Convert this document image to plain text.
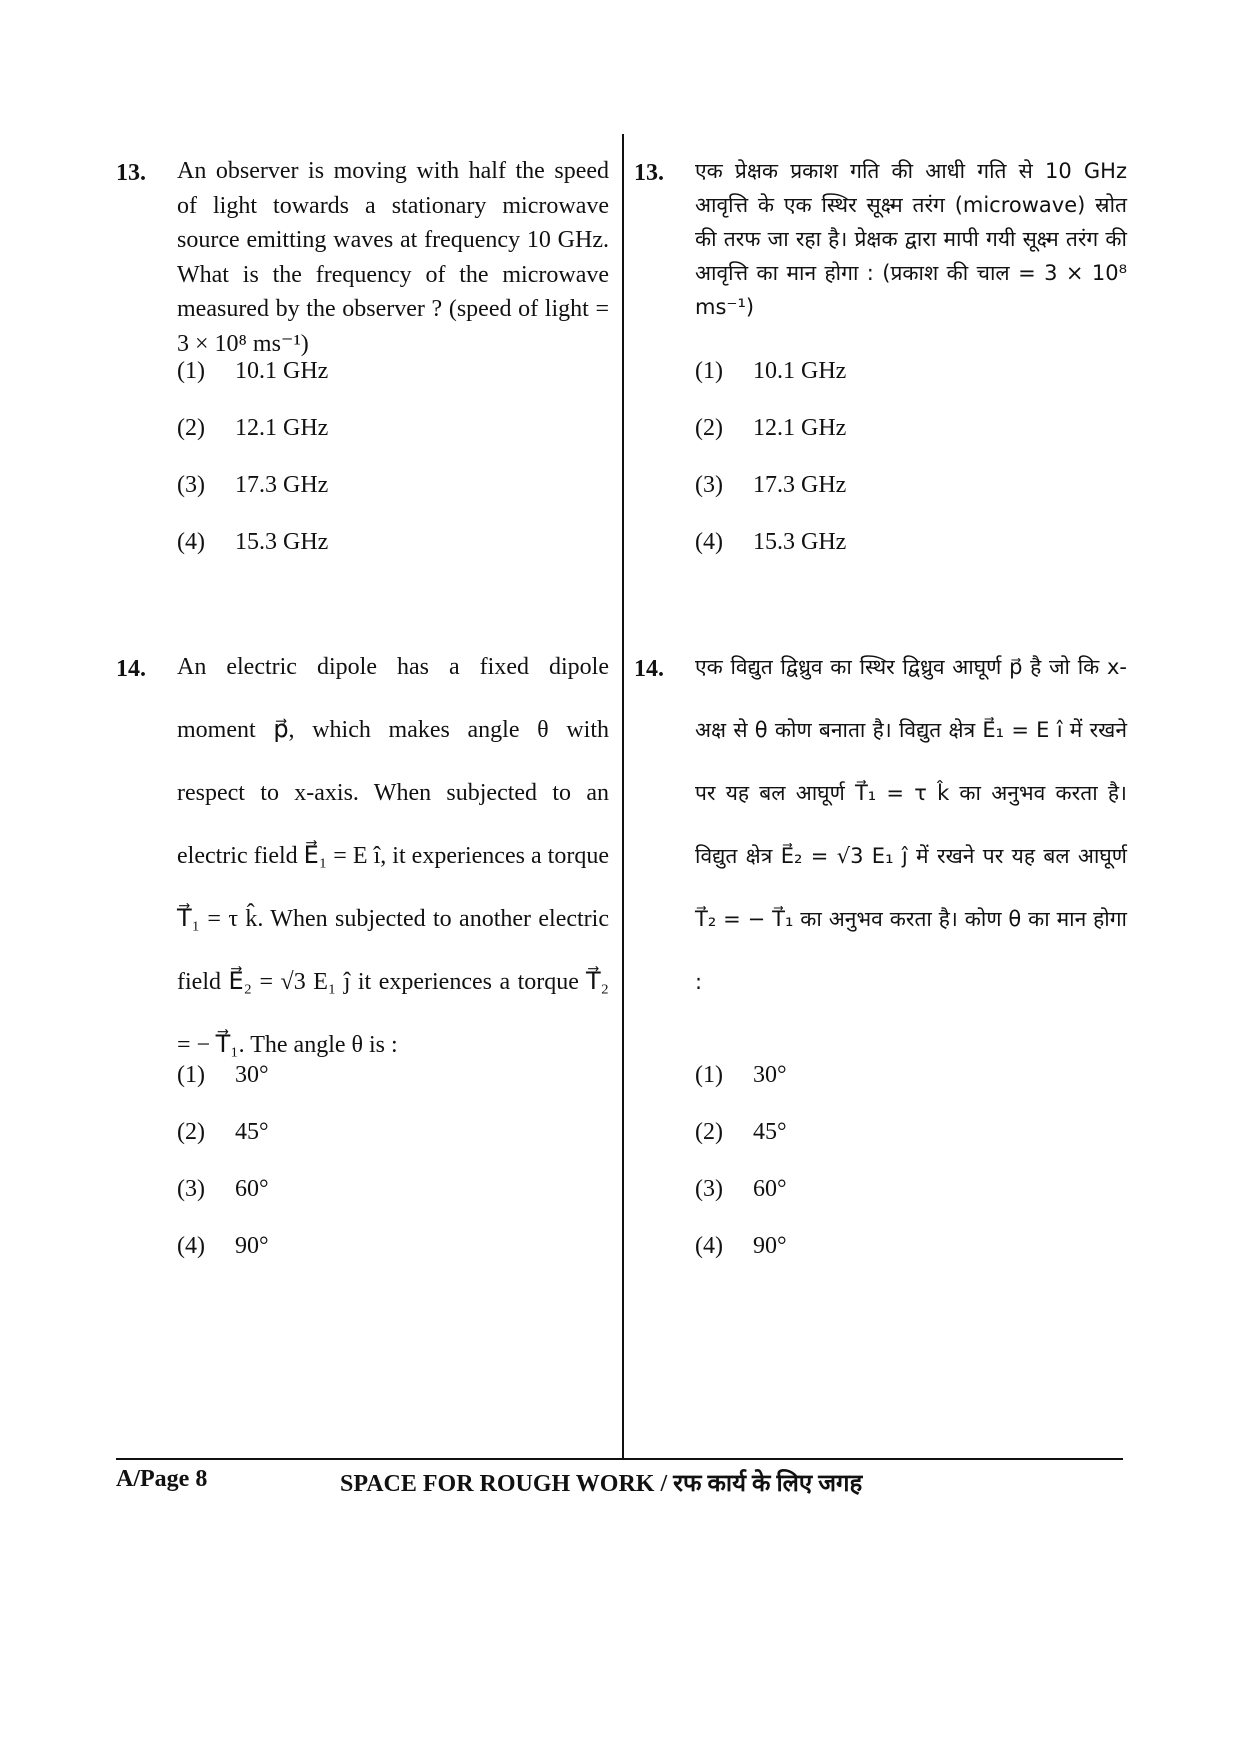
13. An observer is moving with half the speed of light towards a stationary microwave source emitting waves at frequency 10 GHz. What is the frequency of the microwave measured by the observer ? (speed of light = 3 × 10⁸ ms⁻¹)
(1) 10.1 GHz
(2) 12.1 GHz
(3) 17.3 GHz
(4) 15.3 GHz
14. An electric dipole has a fixed dipole moment p⃗, which makes angle θ with respect to x-axis. When subjected to an electric field E⃗₁ = E î, it experiences a torque T⃗₁ = τ k̂. When subjected to another electric field E⃗₂ = √3 E₁ ĵ it experiences a torque T⃗₂ = − T⃗₁. The angle θ is :
(1) 30°
(2) 45°
(3) 60°
(4) 90°
13. एक प्रेक्षक प्रकाश गति की आधी गति से 10 GHz आवृत्ति के एक स्थिर सूक्ष्म तरंग (microwave) स्रोत की तरफ जा रहा है। प्रेक्षक द्वारा मापी गयी सूक्ष्म तरंग की आवृत्ति का मान होगा : (प्रकाश की चाल = 3 × 10⁸ ms⁻¹)
(1) 10.1 GHz
(2) 12.1 GHz
(3) 17.3 GHz
(4) 15.3 GHz
14. एक विद्युत द्विध्रुव का स्थिर द्विध्रुव आघूर्ण p⃗ है जो कि x-अक्ष से θ कोण बनाता है। विद्युत क्षेत्र E⃗₁ = E î में रखने पर यह बल आघूर्ण T⃗₁ = τ k̂ का अनुभव करता है। विद्युत क्षेत्र E⃗₂ = √3 E₁ ĵ में रखने पर यह बल आघूर्ण T⃗₂ = − T⃗₁ का अनुभव करता है। कोण θ का मान होगा :
(1) 30°
(2) 45°
(3) 60°
(4) 90°
A/Page 8	SPACE FOR ROUGH WORK / रफ कार्य के लिए जगह
